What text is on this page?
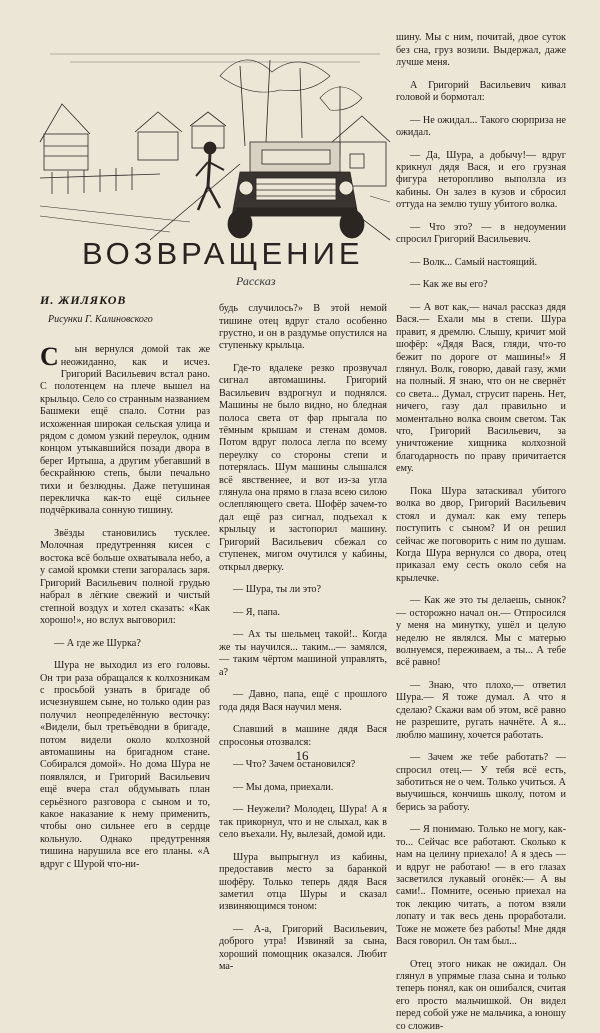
ВОЗВРАЩЕНИЕ
Рассказ
И. ЖИЛЯКОВ
Рисунки Г. Калиновского

С ын вернулся домой так же неожиданно, как и исчез. Григорий Васильевич встал рано. С полотенцем на плече вышел на крыльцо. Село со странным названием Башмеки ещё спало. Сотни раз исхоженная широкая сельская улица и рядом с домом узкий переулок, одним концом утыкавшийся позади двора в берег Иртыша, а другим убегавший в бескрайнюю степь, были печально тихи и безлюдны. Даже петушиная перекличка как-то ещё сильнее подчёркивала сонную тишину.

Звёзды становились тусклее. Молочная предутренняя кисея с востока всё больше охватывала небо, а у самой кромки степи загоралась заря. Григорий Васильевич полной грудью набрал в лёгкие свежий и чистый степной воздух и хотел сказать: «Как хорошо!», но вслух выговорил:

— А где же Шурка?

Шура не выходил из его головы. Он три раза обращался к колхозникам с просьбой узнать в бригаде об исчезнувшем сыне, но только один раз получил неопределённую весточку: «Видели, был третьёводни в бригаде, потом видели около колхозной автомашины на бригадном стане. Собирался домой». Но дома Шура не появлялся, и Григорий Васильевич ещё вчера стал обдумывать план серьёзного разговора с сыном и то, какое наказание к нему применить, чтобы оно сильнее его в сердце кольнуло. Однако предутренняя тишина нарушила все его планы. «А вдруг с Шурой что-ни-

будь случилось?» В этой немой тишине отец вдруг стало особенно грустно, и он в раздумье опустился на ступеньку крыльца.

Где-то вдалеке резко прозвучал сигнал автомашины. Григорий Васильевич вздрогнул и поднялся. Машины не было видно, но бледная полоса света от фар прыгала по тёмным крышам и стенам домов. Потом вдруг полоса легла по всему переулку со стороны степи и потерялась. Шум машины слышался всё явственнее, и вот из-за угла глянула она прямо в глаза всею силою ослепляющего света. Шофёр зачем-то дал ещё раз сигнал, подъехал к крыльцу и застопорил машину. Григорий Васильевич сбежал со ступенек, мигом очутился у кабины, открыл дверку.

— Шура, ты ли это?

— Я, папа.

— Ах ты шельмец такой!.. Когда же ты научился... таким...— замялся,— таким чёртом машиной управлять, а?

— Давно, папа, ещё с прошлого года дядя Вася научил меня.

Спавший в машине дядя Вася спросонья отозвался:

— Что? Зачем остановился?

— Мы дома, приехали.

— Неужели? Молодец, Шура! А я так прикорнул, что и не слыхал, как в село въехали. Ну, вылезай, домой иди.

Шура выпрыгнул из кабины, предоставив место за баранкой шофёру. Только теперь дядя Вася заметил отца Шуры и сказал извиняющимся тоном:

— А-а, Григорий Васильевич, доброго утра! Извиняй за сына, хороший помощник оказался. Любит ма-

шину. Мы с ним, почитай, двое суток без сна, груз возили. Выдержал, даже лучше меня.

А Григорий Васильевич кивал головой и бормотал:

— Не ожидал... Такого сюрприза не ожидал.

— Да, Шура, а добычу!— вдруг крикнул дядя Вася, и его грузная фигура неторопливо выползла из кабины. Он залез в кузов и сбросил оттуда на землю тушу убитого волка.

— Что это? — в недоумении спросил Григорий Васильевич.

— Волк... Самый настоящий.

— Как же вы его?

— А вот как,— начал рассказ дядя Вася.— Ехали мы в степи. Шура правит, я дремлю. Слышу, кричит мой шофёр: «Дядя Вася, гляди, что-то бежит по дороге от машины!» Я глянул. Волк, говорю, давай газу, жми на полный. Я знаю, что он не свернёт со света... Думал, струсит парень. Нет, ничего, газу дал правильно и моментально волка своим светом. Так что, Григорий Васильевич, за уничтожение хищника колхозной благодарность по праву причитается ему.

Пока Шура затаскивал убитого волка во двор, Григорий Васильевич стоял и думал: как ему теперь поступить с сыном? И он решил сейчас же поговорить с ним по душам. Когда Шура вернулся со двора, отец приказал ему сесть около себя на крылечке.

— Как же это ты делаешь, сынок? — осторожно начал он.— Отпросился у меня на минутку, ушёл и целую неделю не являлся. Мы с матерью волнуемся, переживаем, а ты... А тебе всё равно!

— Знаю, что плохо,— ответил Шура.— Я тоже думал. А что я сделаю? Скажи вам об этом, всё равно не разрешите, ругать начнёте. А я... люблю машину, хочется работать.

— Зачем же тебе работать? — спросил отец.— У тебя всё есть, заботиться не о чем. Только учиться. А выучишься, кончишь школу, потом и берись за работу.

— Я понимаю. Только не могу, как-то... Сейчас все работают. Сколько к нам на целину приехало! А я здесь — и вдруг не работаю! — в его глазах засветился лукавый огонёк:— А вы сами!.. Помните, осенью приехал на ток лекцию читать, а потом взяли лопату и так весь день проработали. Тоже не можете без работы! Мне дядя Вася говорил. Он там был...

Отец этого никак не ожидал. Он глянул в упрямые глаза сына и только теперь понял, как он ошибался, считая его просто мальчишкой. Он видел перед собой уже не мальчика, а юношу со сложив-

16
